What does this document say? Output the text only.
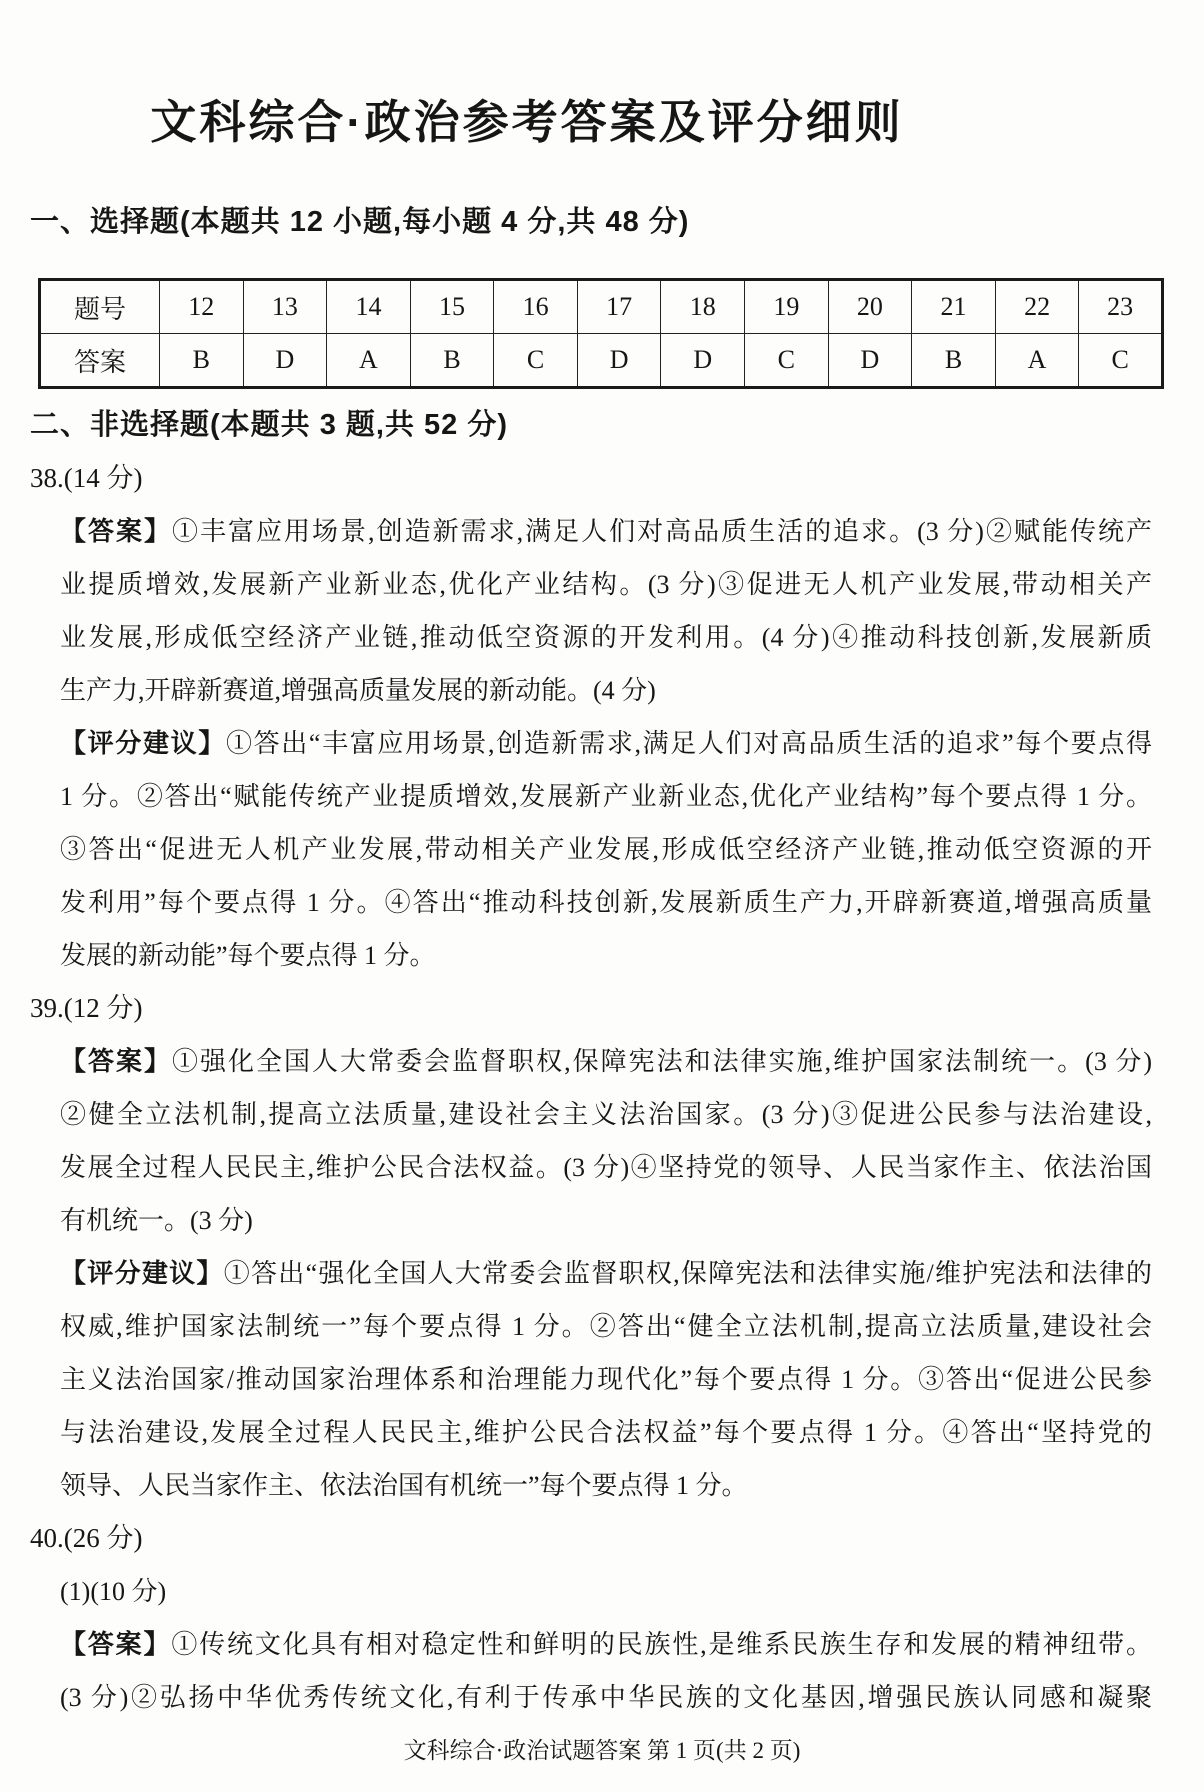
文科综合·政治参考答案及评分细则
一、选择题(本题共 12 小题,每小题 4 分,共 48 分)
题号	12	13	14	15	16	17	18	19	20	21	22	23
答案	B	D	A	B	C	D	D	C	D	B	A	C
二、非选择题(本题共 3 题,共 52 分)
38.(14 分)
【答案】①丰富应用场景,创造新需求,满足人们对高品质生活的追求。(3 分)②赋能传统产
业提质增效,发展新产业新业态,优化产业结构。(3 分)③促进无人机产业发展,带动相关产
业发展,形成低空经济产业链,推动低空资源的开发利用。(4 分)④推动科技创新,发展新质
生产力,开辟新赛道,增强高质量发展的新动能。(4 分)
【评分建议】①答出“丰富应用场景,创造新需求,满足人们对高品质生活的追求”每个要点得
1 分。②答出“赋能传统产业提质增效,发展新产业新业态,优化产业结构”每个要点得 1 分。
③答出“促进无人机产业发展,带动相关产业发展,形成低空经济产业链,推动低空资源的开
发利用”每个要点得 1 分。④答出“推动科技创新,发展新质生产力,开辟新赛道,增强高质量
发展的新动能”每个要点得 1 分。
39.(12 分)
【答案】①强化全国人大常委会监督职权,保障宪法和法律实施,维护国家法制统一。(3 分)
②健全立法机制,提高立法质量,建设社会主义法治国家。(3 分)③促进公民参与法治建设,
发展全过程人民民主,维护公民合法权益。(3 分)④坚持党的领导、人民当家作主、依法治国
有机统一。(3 分)
【评分建议】①答出“强化全国人大常委会监督职权,保障宪法和法律实施/维护宪法和法律的
权威,维护国家法制统一”每个要点得 1 分。②答出“健全立法机制,提高立法质量,建设社会
主义法治国家/推动国家治理体系和治理能力现代化”每个要点得 1 分。③答出“促进公民参
与法治建设,发展全过程人民民主,维护公民合法权益”每个要点得 1 分。④答出“坚持党的
领导、人民当家作主、依法治国有机统一”每个要点得 1 分。
40.(26 分)
(1)(10 分)
【答案】①传统文化具有相对稳定性和鲜明的民族性,是维系民族生存和发展的精神纽带。
(3 分)②弘扬中华优秀传统文化,有利于传承中华民族的文化基因,增强民族认同感和凝聚
文科综合·政治试题答案 第 1 页(共 2 页)
